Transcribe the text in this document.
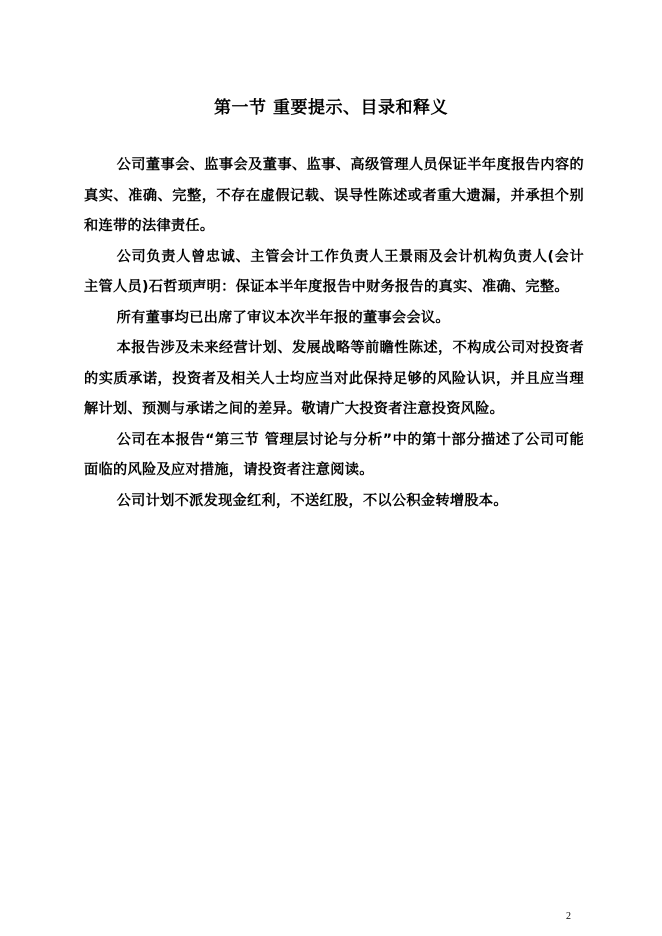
第一节 重要提示、目录和释义

公司董事会、监事会及董事、监事、高级管理人员保证半年度报告内容的真实、准确、完整，不存在虚假记载、误导性陈述或者重大遗漏，并承担个别和连带的法律责任。

公司负责人曾忠诚、主管会计工作负责人王景雨及会计机构负责人(会计主管人员)石哲顼声明：保证本半年度报告中财务报告的真实、准确、完整。

所有董事均已出席了审议本次半年报的董事会会议。

本报告涉及未来经营计划、发展战略等前瞻性陈述，不构成公司对投资者的实质承诺，投资者及相关人士均应当对此保持足够的风险认识，并且应当理解计划、预测与承诺之间的差异。敬请广大投资者注意投资风险。

公司在本报告“第三节 管理层讨论与分析”中的第十部分描述了公司可能面临的风险及应对措施，请投资者注意阅读。

公司计划不派发现金红利，不送红股，不以公积金转增股本。

2
